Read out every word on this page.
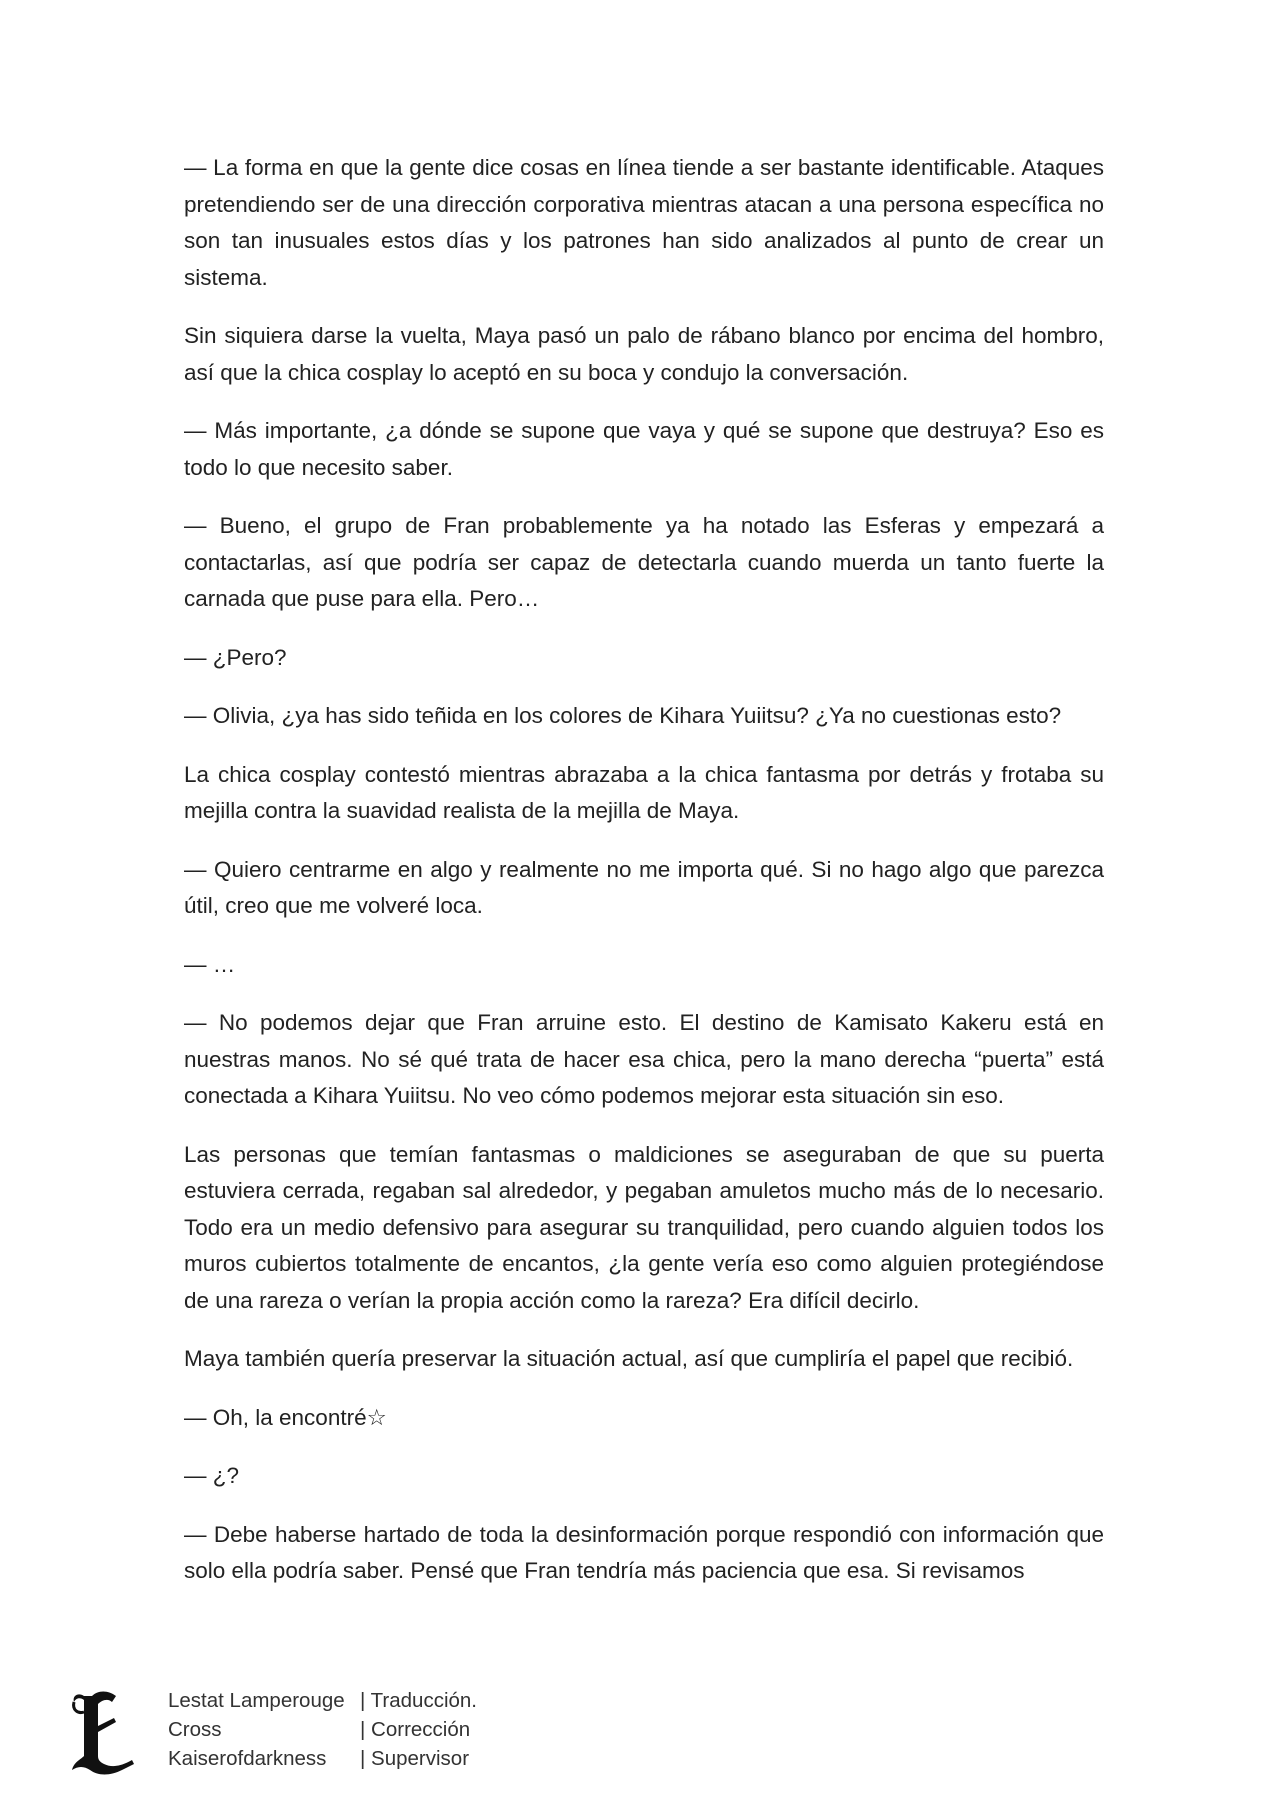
— La forma en que la gente dice cosas en línea tiende a ser bastante identificable. Ataques pretendiendo ser de una dirección corporativa mientras atacan a una persona específica no son tan inusuales estos días y los patrones han sido analizados al punto de crear un sistema.

Sin siquiera darse la vuelta, Maya pasó un palo de rábano blanco por encima del hombro, así que la chica cosplay lo aceptó en su boca y condujo la conversación.

— Más importante, ¿a dónde se supone que vaya y qué se supone que destruya? Eso es todo lo que necesito saber.

— Bueno, el grupo de Fran probablemente ya ha notado las Esferas y empezará a contactarlas, así que podría ser capaz de detectarla cuando muerda un tanto fuerte la carnada que puse para ella. Pero…

— ¿Pero?

— Olivia, ¿ya has sido teñida en los colores de Kihara Yuiitsu? ¿Ya no cuestionas esto?

La chica cosplay contestó mientras abrazaba a la chica fantasma por detrás y frotaba su mejilla contra la suavidad realista de la mejilla de Maya.

— Quiero centrarme en algo y realmente no me importa qué. Si no hago algo que parezca útil, creo que me volveré loca.

— …

— No podemos dejar que Fran arruine esto. El destino de Kamisato Kakeru está en nuestras manos. No sé qué trata de hacer esa chica, pero la mano derecha “puerta” está conectada a Kihara Yuiitsu. No veo cómo podemos mejorar esta situación sin eso.

Las personas que temían fantasmas o maldiciones se aseguraban de que su puerta estuviera cerrada, regaban sal alrededor, y pegaban amuletos mucho más de lo necesario. Todo era un medio defensivo para asegurar su tranquilidad, pero cuando alguien todos los muros cubiertos totalmente de encantos, ¿la gente vería eso como alguien protegiéndose de una rareza o verían la propia acción como la rareza? Era difícil decirlo.

Maya también quería preservar la situación actual, así que cumpliría el papel que recibió.

— Oh, la encontré☆

— ¿?

— Debe haberse hartado de toda la desinformación porque respondió con información que solo ella podría saber. Pensé que Fran tendría más paciencia que esa. Si revisamos

Lestat Lamperouge	| Traducción.
Cross	| Corrección
Kaiserofdarkness	| Supervisor
